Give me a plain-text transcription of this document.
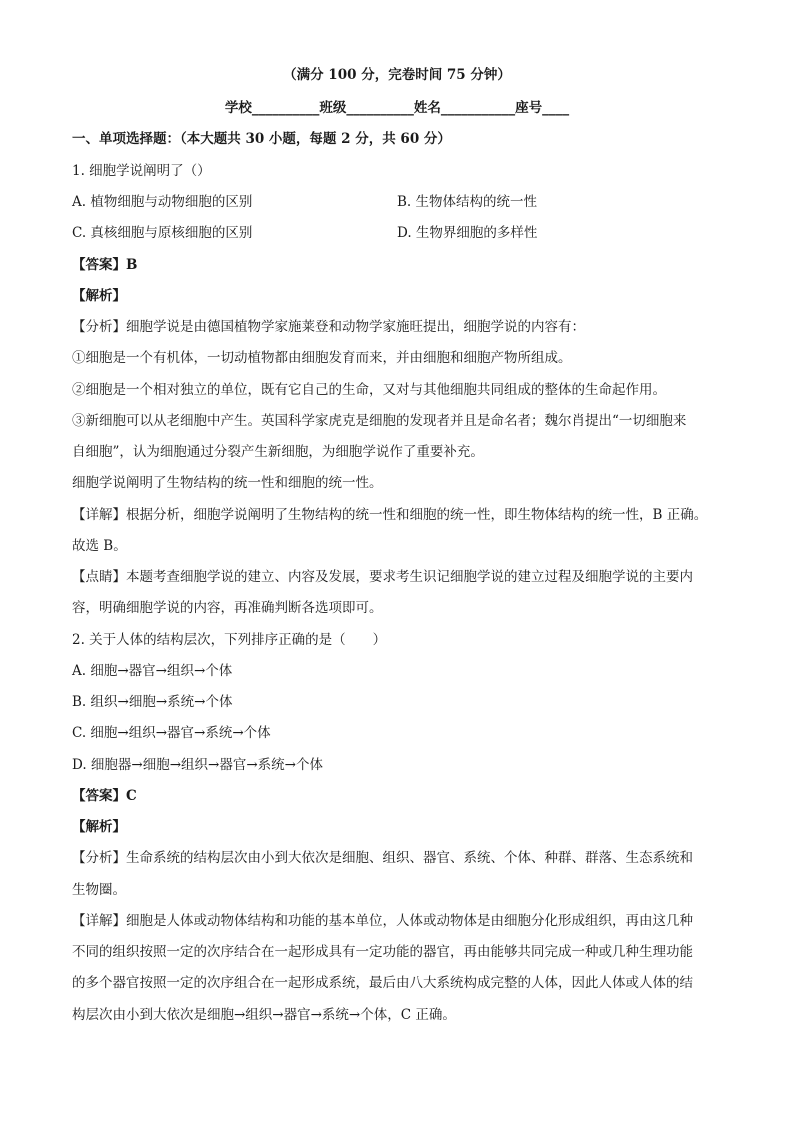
（满分 100 分，完卷时间 75 分钟）
学校__________班级__________姓名___________座号____
一、单项选择题：（本大题共 30 小题，每题 2 分，共 60 分）
1. 细胞学说阐明了（）
A. 植物细胞与动物细胞的区别	B. 生物体结构的统一性
C. 真核细胞与原核细胞的区别	D. 生物界细胞的多样性
【答案】B
【解析】
【分析】细胞学说是由德国植物学家施莱登和动物学家施旺提出，细胞学说的内容有：
①细胞是一个有机体，一切动植物都由细胞发育而来，并由细胞和细胞产物所组成。
②细胞是一个相对独立的单位，既有它自己的生命，又对与其他细胞共同组成的整体的生命起作用。
③新细胞可以从老细胞中产生。英国科学家虎克是细胞的发现者并且是命名者；魏尔肖提出“一切细胞来
自细胞”，认为细胞通过分裂产生新细胞，为细胞学说作了重要补充。
细胞学说阐明了生物结构的统一性和细胞的统一性。
【详解】根据分析，细胞学说阐明了生物结构的统一性和细胞的统一性，即生物体结构的统一性，B 正确。
故选 B。
【点睛】本题考查细胞学说的建立、内容及发展，要求考生识记细胞学说的建立过程及细胞学说的主要内
容，明确细胞学说的内容，再准确判断各选项即可。
2. 关于人体的结构层次，下列排序正确的是（　　）
A. 细胞→器官→组织→个体
B. 组织→细胞→系统→个体
C. 细胞→组织→器官→系统→个体
D. 细胞器→细胞→组织→器官→系统→个体
【答案】C
【解析】
【分析】生命系统的结构层次由小到大依次是细胞、组织、器官、系统、个体、种群、群落、生态系统和
生物圈。
【详解】细胞是人体或动物体结构和功能的基本单位，人体或动物体是由细胞分化形成组织，再由这几种
不同的组织按照一定的次序结合在一起形成具有一定功能的器官，再由能够共同完成一种或几种生理功能
的多个器官按照一定的次序组合在一起形成系统，最后由八大系统构成完整的人体，因此人体或人体的结
构层次由小到大依次是细胞→组织→器官→系统→个体，C 正确。
